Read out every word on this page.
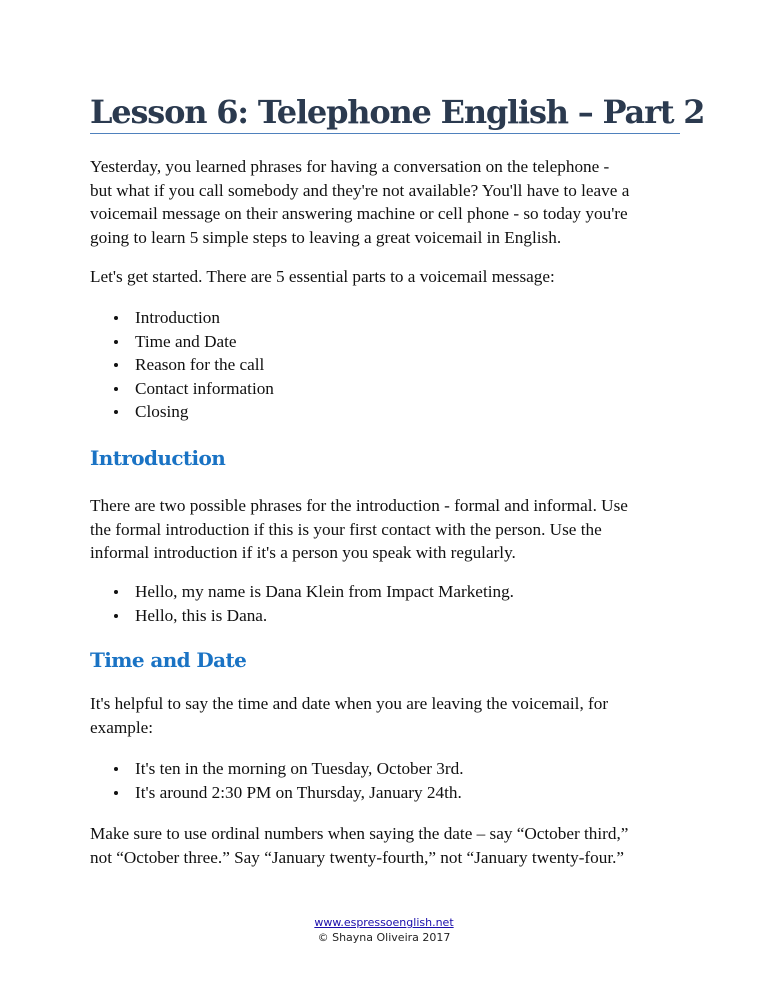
Lesson 6: Telephone English – Part 2
Yesterday, you learned phrases for having a conversation on the telephone -
but what if you call somebody and they're not available? You'll have to leave a
voicemail message on their answering machine or cell phone - so today you're
going to learn 5 simple steps to leaving a great voicemail in English.
Let's get started. There are 5 essential parts to a voicemail message:
Introduction
Time and Date
Reason for the call
Contact information
Closing
Introduction
There are two possible phrases for the introduction - formal and informal. Use
the formal introduction if this is your first contact with the person. Use the
informal introduction if it's a person you speak with regularly.
Hello, my name is Dana Klein from Impact Marketing.
Hello, this is Dana.
Time and Date
It's helpful to say the time and date when you are leaving the voicemail, for
example:
It's ten in the morning on Tuesday, October 3rd.
It's around 2:30 PM on Thursday, January 24th.
Make sure to use ordinal numbers when saying the date – say “October third,”
not “October three.” Say “January twenty-fourth,” not “January twenty-four.”
www.espressoenglish.net
© Shayna Oliveira 2017
